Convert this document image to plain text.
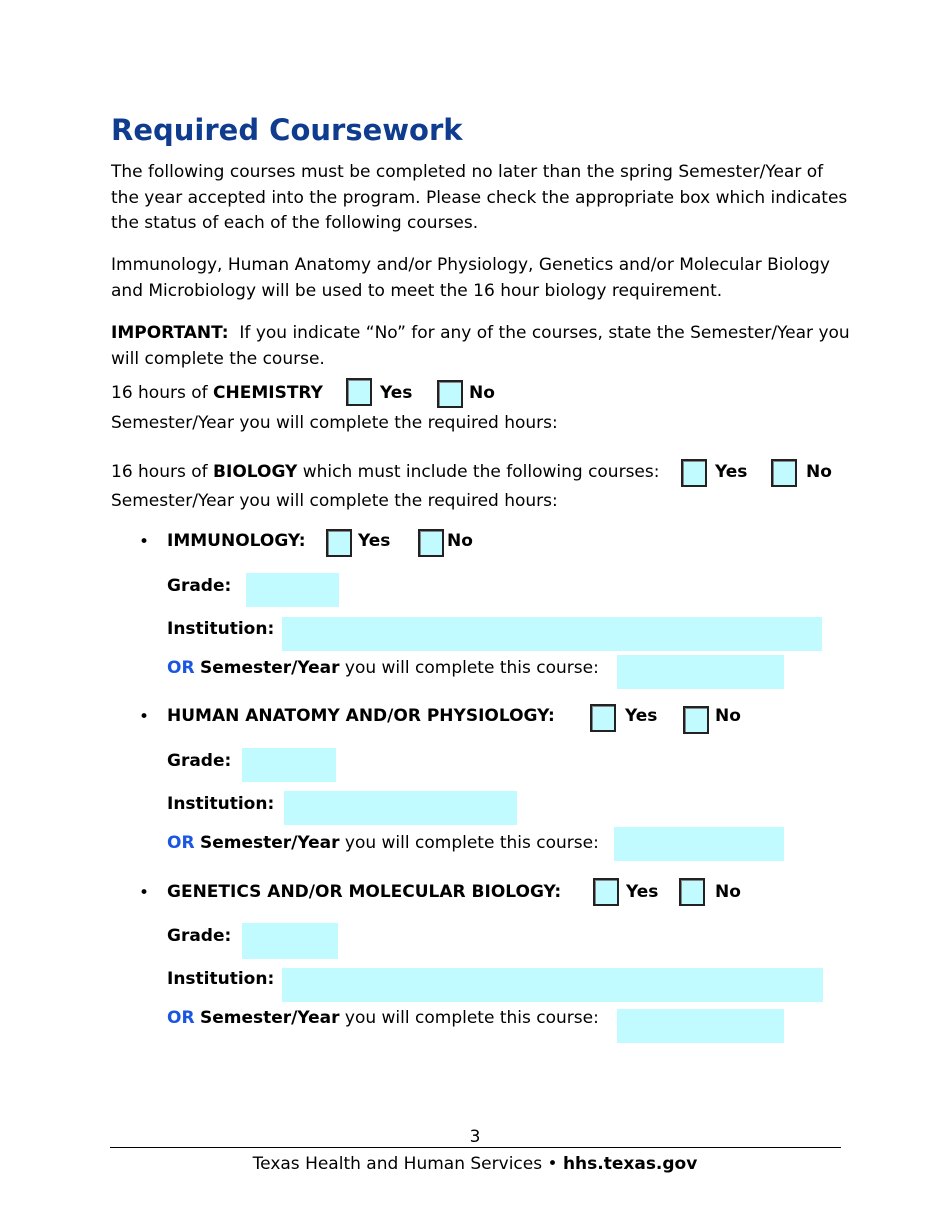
Required Coursework

The following courses must be completed no later than the spring Semester/Year of the year accepted into the program. Please check the appropriate box which indicates the status of each of the following courses.

Immunology, Human Anatomy and/or Physiology, Genetics and/or Molecular Biology and Microbiology will be used to meet the 16 hour biology requirement.

IMPORTANT: If you indicate “No” for any of the courses, state the Semester/Year you will complete the course.

16 hours of CHEMISTRY	Yes	No
Semester/Year you will complete the required hours:
16 hours of BIOLOGY which must include the following courses:	Yes	No
Semester/Year you will complete the required hours:
• IMMUNOLOGY:	Yes	No
Grade:
Institution:
OR Semester/Year you will complete this course:
• HUMAN ANATOMY AND/OR PHYSIOLOGY:	Yes	No
Grade:
Institution:
OR Semester/Year you will complete this course:
• GENETICS AND/OR MOLECULAR BIOLOGY:	Yes	No
Grade:
Institution:
OR Semester/Year you will complete this course:
3
Texas Health and Human Services • hhs.texas.gov
